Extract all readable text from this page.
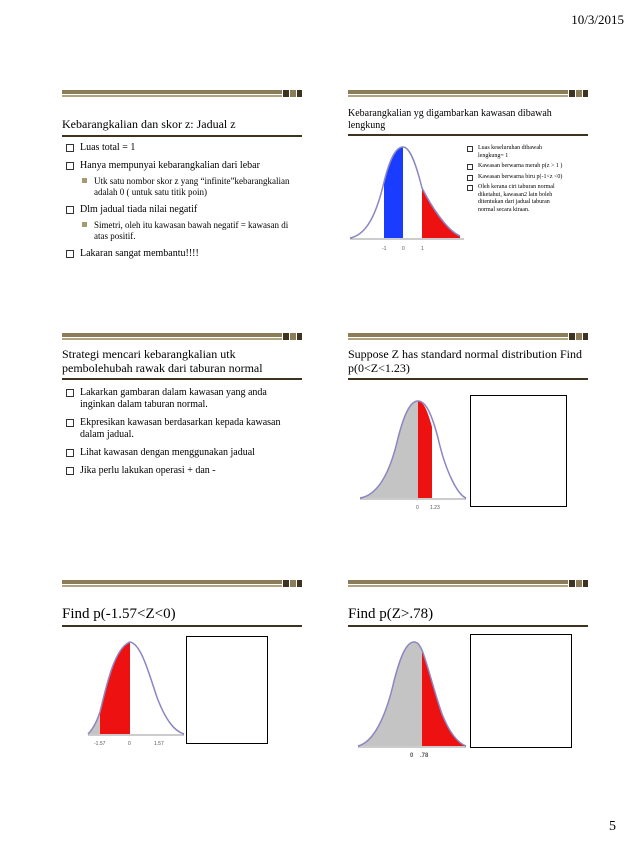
10/3/2015
Kebarangkalian dan skor z: Jadual z
Luas total = 1
Hanya mempunyai kebarangkalian dari lebar
Utk satu nombor skor z yang “infinite”kebarangkalian adalah 0 ( untuk satu titik poin)
Dlm jadual tiada nilai negatif
Simetri, oleh itu kawasan bawah negatif = kawasan di atas positif.
Lakaran sangat membantu!!!!
Kebarangkalian yg digambarkan kawasan dibawah lengkung
-1	0	1
Luas keseluruhan dibawah lengkung= 1
Kawasan berwarna merah p(z > 1 )
Kawasan berwarna biru p(-1<z <0)
Oleh kerana ciri taburan normal diketahui, kawasan2 lain boleh ditentukan dari jadual taburan normal secara kiraan.
Strategi mencari kebarangkalian utk pembolehubah rawak dari taburan normal
Lakarkan gambaran dalam kawasan yang anda inginkan dalam taburan normal.
Ekpresikan kawasan berdasarkan kepada kawasan dalam jadual.
Lihat kawasan dengan menggunakan jadual
Jika perlu lakukan operasi + dan -
Suppose Z has standard normal distribution Find p(0<Z<1.23)
0 1.23
Find p(-1.57<Z<0)
-1.57	0	1.57
Find p(Z>.78)
0 .78
5
